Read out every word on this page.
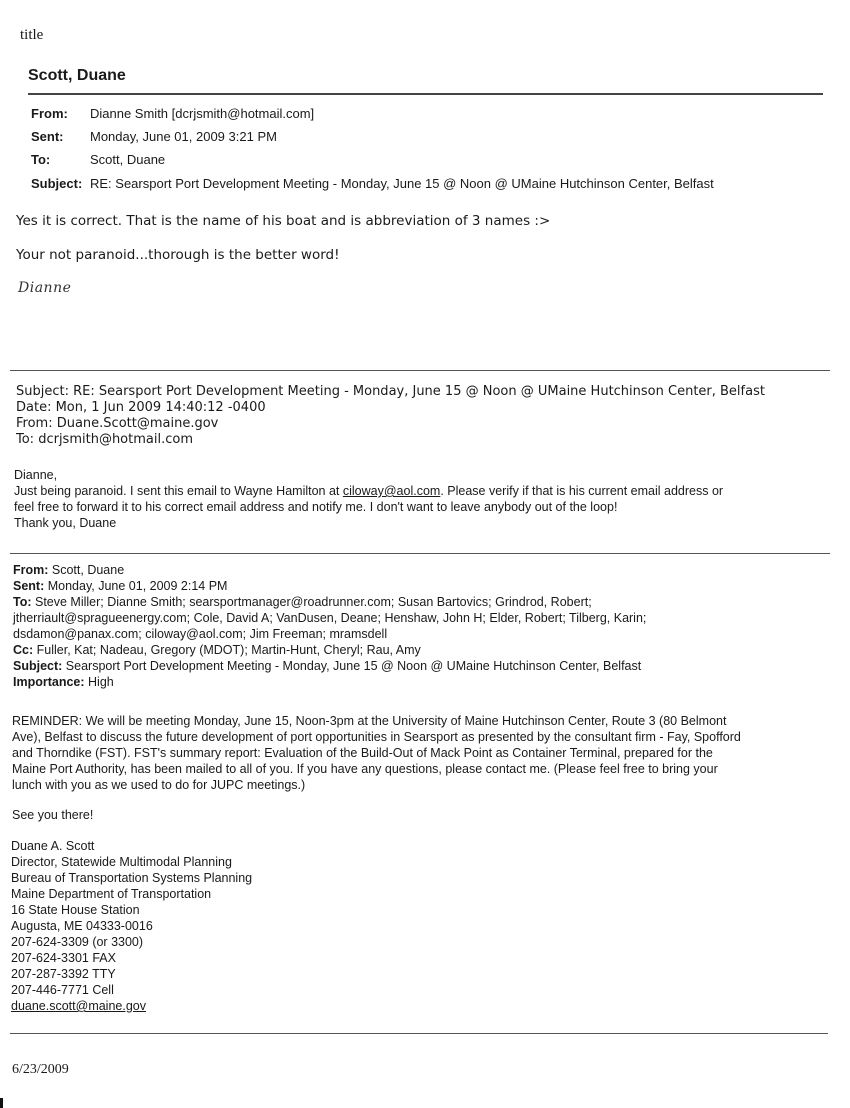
title
Scott, Duane
From: Dianne Smith [dcrjsmith@hotmail.com]
Sent: Monday, June 01, 2009 3:21 PM
To:	Scott, Duane
Subject: RE: Searsport Port Development Meeting - Monday, June 15 @ Noon @ UMaine Hutchinson Center, Belfast
Yes it is correct. That is the name of his boat and is abbreviation of 3 names :>
Your not paranoid...thorough is the better word!
Dianne
Subject: RE: Searsport Port Development Meeting - Monday, June 15 @ Noon @ UMaine Hutchinson Center, Belfast
Date: Mon, 1 Jun 2009 14:40:12 -0400
From: Duane.Scott@maine.gov
To: dcrjsmith@hotmail.com
Dianne,
Just being paranoid. I sent this email to Wayne Hamilton at ciloway@aol.com. Please verify if that is his current email address or
feel free to forward it to his correct email address and notify me. I don't want to leave anybody out of the loop!
Thank you, Duane
From: Scott, Duane
Sent: Monday, June 01, 2009 2:14 PM
To: Steve Miller; Dianne Smith; searsportmanager@roadrunner.com; Susan Bartovics; Grindrod, Robert;
jtherriault@spragueenergy.com; Cole, David A; VanDusen, Deane; Henshaw, John H; Elder, Robert; Tilberg, Karin;
dsdamon@panax.com; ciloway@aol.com; Jim Freeman; mramsdell
Cc: Fuller, Kat; Nadeau, Gregory (MDOT); Martin-Hunt, Cheryl; Rau, Amy
Subject: Searsport Port Development Meeting - Monday, June 15 @ Noon @ UMaine Hutchinson Center, Belfast
Importance: High
REMINDER: We will be meeting Monday, June 15, Noon-3pm at the University of Maine Hutchinson Center, Route 3 (80 Belmont
Ave), Belfast to discuss the future development of port opportunities in Searsport as presented by the consultant firm - Fay, Spofford
and Thorndike (FST). FST's summary report: Evaluation of the Build-Out of Mack Point as Container Terminal, prepared for the
Maine Port Authority, has been mailed to all of you. If you have any questions, please contact me. (Please feel free to bring your
lunch with you as we used to do for JUPC meetings.)
See you there!
Duane A. Scott
Director, Statewide Multimodal Planning
Bureau of Transportation Systems Planning
Maine Department of Transportation
16 State House Station
Augusta, ME 04333-0016
207-624-3309 (or 3300)
207-624-3301 FAX
207-287-3392 TTY
207-446-7771 Cell
duane.scott@maine.gov
6/23/2009
